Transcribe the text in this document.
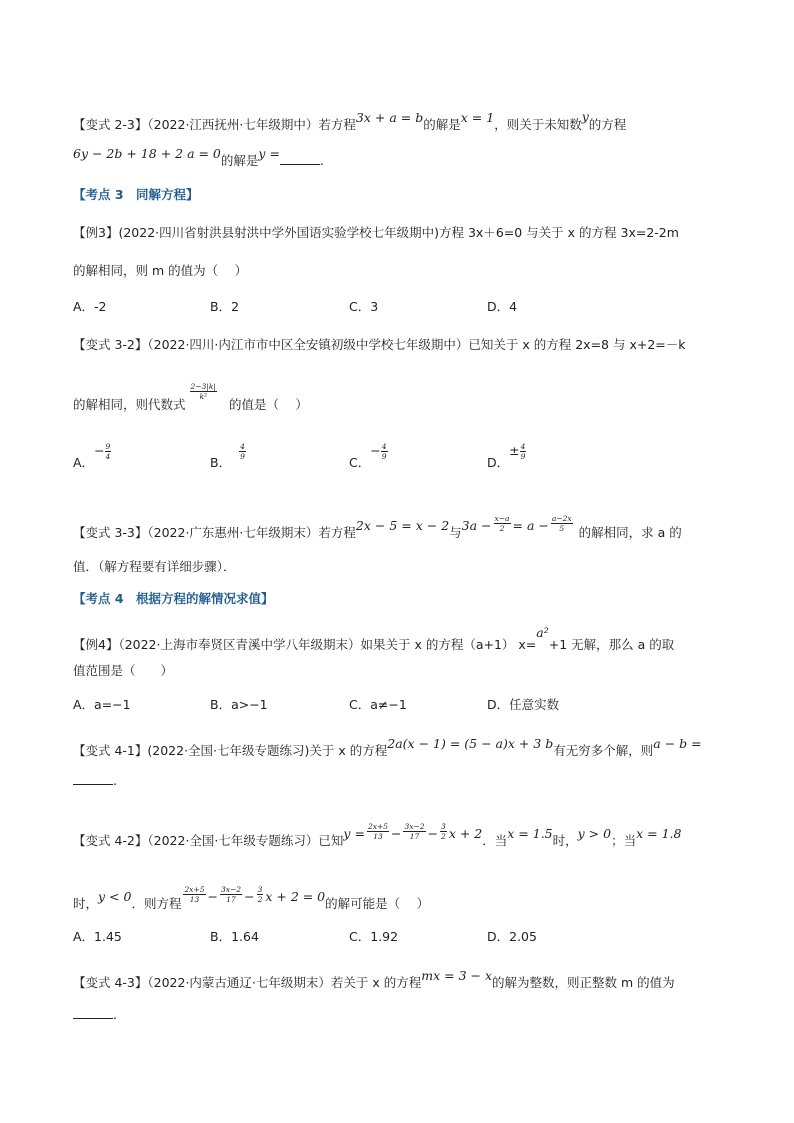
【变式 2-3】（2022·江西抚州·七年级期中）若方程3x + a = b的解是x = 1，则关于未知数y的方程
6y − 2b + 18 + 2 a = 0的解是y =	.
【考点 3　同解方程】
【例3】(2022·四川省射洪县射洪中学外国语实验学校七年级期中)方程 3x＋6=0 与关于 x 的方程 3x=2-2m
的解相同，则 m 的值为（　 ）
A．-2	B．2	C．3	D．4
【变式 3-2】（2022·四川·内江市市中区全安镇初级中学校七年级期中）已知关于 x 的方程 2x=8 与 x+2=－k
的解相同，则代数式
$\frac{2-3|k|}{\text{k²}}$
的值是（　 ）
A．− $\frac{9}{4}$
B．
$\frac{4}{9}$
C．− $\frac{4}{9}$
D．± $\frac{4}{9}$
【变式 3-3】（2022·广东惠州·七年级期末）若方程2x − 5 = x − 2与$3a - \frac{x-a}{2} = a - \frac{a-2x}{5}$ 的解相同，求 a 的
值．（解方程要有详细步骤）．
【考点 4　根据方程的解情况求值】
【例4】（2022·上海市奉贤区青溪中学八年级期末）如果关于 x 的方程（a+1） x=a²+1 无解，那么 a 的取
值范围是（　　）
A．a=−1	B．a>−1	C．a≠−1	D．任意实数
【变式 4-1】(2022·全国·七年级专题练习)关于 x 的方程2a(x − 1) = (5 − a)x + 3 b有无穷多个解，则a − b =
.
【变式 4-2】（2022·全国·七年级专题练习）已知$y = \frac{2x+5}{13} - \frac{3x-2}{17} - \frac{3}{2}$ x + 2．当x = 1.5时，y > 0；当x = 1.8
时，y < 0．则方程 $\frac{2x+5}{13} - \frac{3x-2}{17} - \frac{3}{2}$ x + 2 = 0的解可能是（　 ）
A．1.45	B．1.64	C．1.92	D．2.05
【变式 4-3】（2022·内蒙古通辽·七年级期末）若关于 x 的方程mx = 3 − x的解为整数，则正整数 m 的值为
.
